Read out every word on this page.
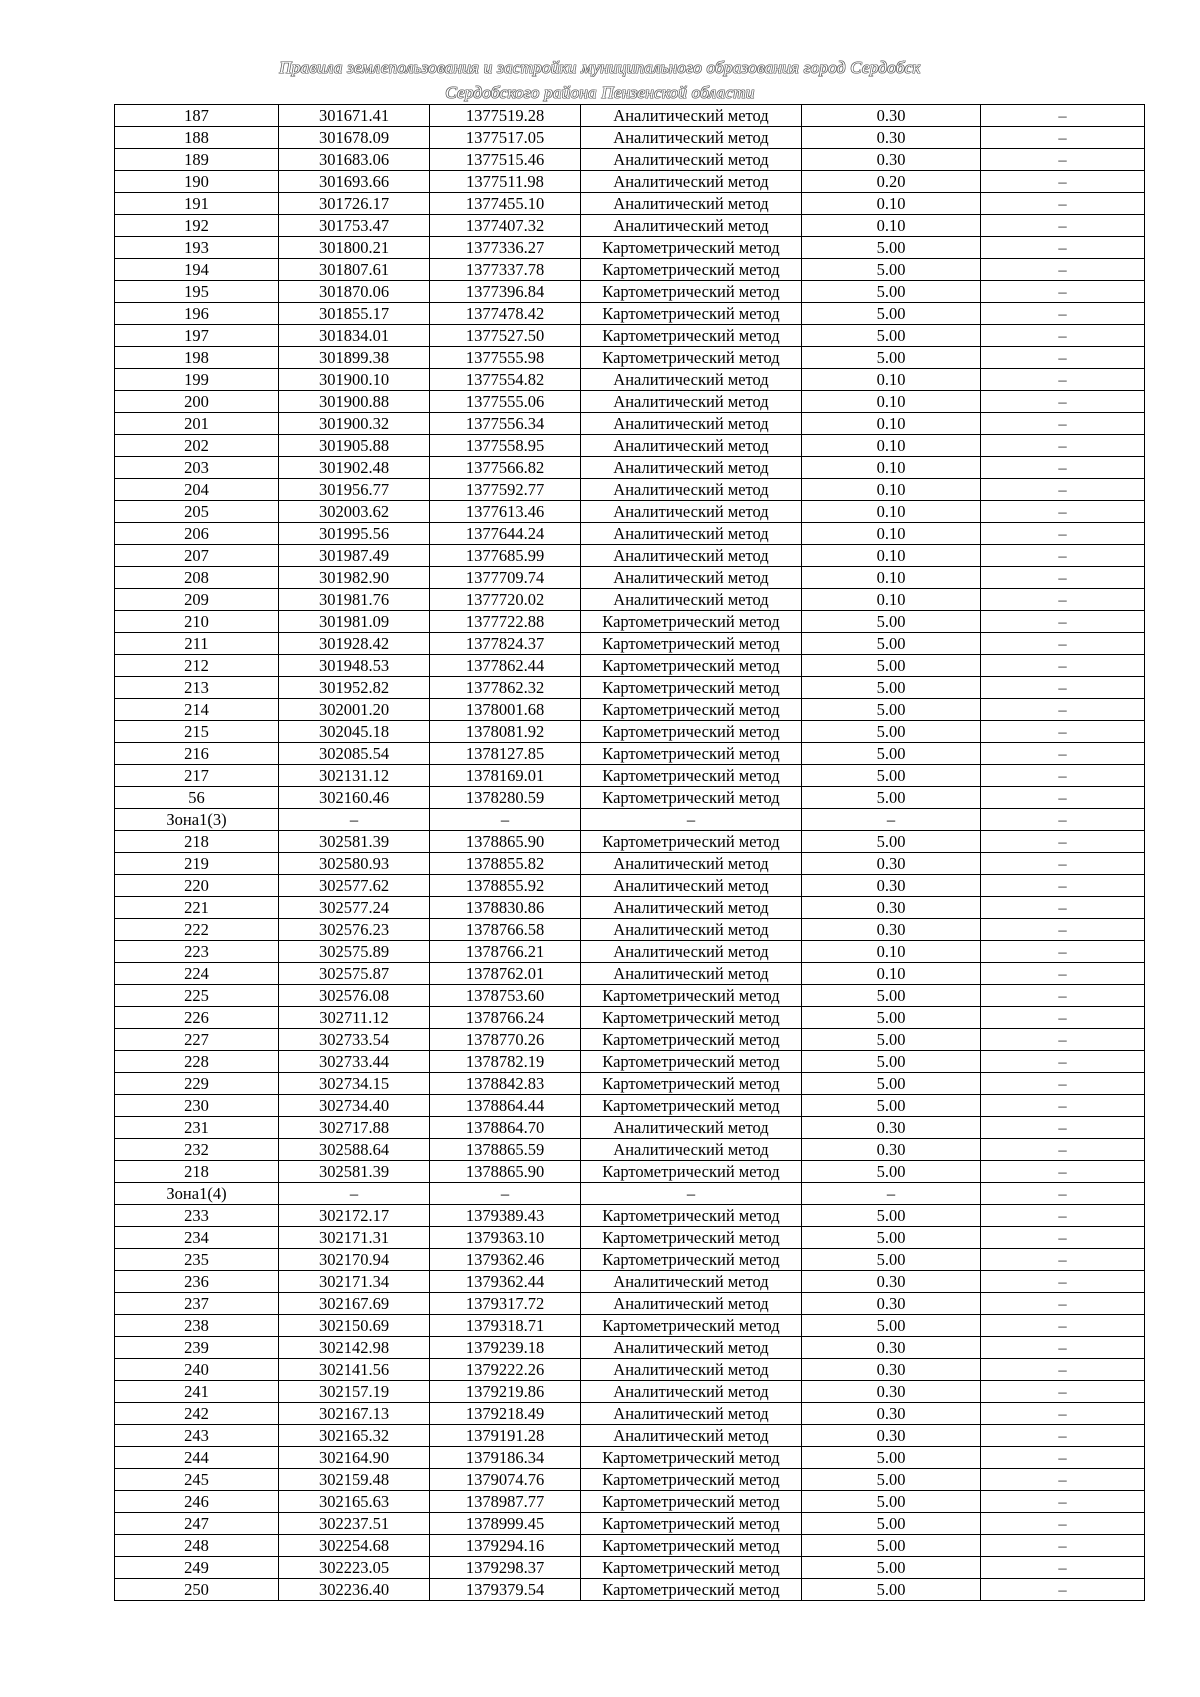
Правила землепользования и застройки муниципального образования город Сердобск
Сердобского района Пензенской области
187	301671.41	1377519.28	Аналитический метод	0.30	–
188	301678.09	1377517.05	Аналитический метод	0.30	–
189	301683.06	1377515.46	Аналитический метод	0.30	–
190	301693.66	1377511.98	Аналитический метод	0.20	–
191	301726.17	1377455.10	Аналитический метод	0.10	–
192	301753.47	1377407.32	Аналитический метод	0.10	–
193	301800.21	1377336.27	Картометрический метод	5.00	–
194	301807.61	1377337.78	Картометрический метод	5.00	–
195	301870.06	1377396.84	Картометрический метод	5.00	–
196	301855.17	1377478.42	Картометрический метод	5.00	–
197	301834.01	1377527.50	Картометрический метод	5.00	–
198	301899.38	1377555.98	Картометрический метод	5.00	–
199	301900.10	1377554.82	Аналитический метод	0.10	–
200	301900.88	1377555.06	Аналитический метод	0.10	–
201	301900.32	1377556.34	Аналитический метод	0.10	–
202	301905.88	1377558.95	Аналитический метод	0.10	–
203	301902.48	1377566.82	Аналитический метод	0.10	–
204	301956.77	1377592.77	Аналитический метод	0.10	–
205	302003.62	1377613.46	Аналитический метод	0.10	–
206	301995.56	1377644.24	Аналитический метод	0.10	–
207	301987.49	1377685.99	Аналитический метод	0.10	–
208	301982.90	1377709.74	Аналитический метод	0.10	–
209	301981.76	1377720.02	Аналитический метод	0.10	–
210	301981.09	1377722.88	Картометрический метод	5.00	–
211	301928.42	1377824.37	Картометрический метод	5.00	–
212	301948.53	1377862.44	Картометрический метод	5.00	–
213	301952.82	1377862.32	Картометрический метод	5.00	–
214	302001.20	1378001.68	Картометрический метод	5.00	–
215	302045.18	1378081.92	Картометрический метод	5.00	–
216	302085.54	1378127.85	Картометрический метод	5.00	–
217	302131.12	1378169.01	Картометрический метод	5.00	–
56	302160.46	1378280.59	Картометрический метод	5.00	–
Зона1(3)	–	–	–	–	–
218	302581.39	1378865.90	Картометрический метод	5.00	–
219	302580.93	1378855.82	Аналитический метод	0.30	–
220	302577.62	1378855.92	Аналитический метод	0.30	–
221	302577.24	1378830.86	Аналитический метод	0.30	–
222	302576.23	1378766.58	Аналитический метод	0.30	–
223	302575.89	1378766.21	Аналитический метод	0.10	–
224	302575.87	1378762.01	Аналитический метод	0.10	–
225	302576.08	1378753.60	Картометрический метод	5.00	–
226	302711.12	1378766.24	Картометрический метод	5.00	–
227	302733.54	1378770.26	Картометрический метод	5.00	–
228	302733.44	1378782.19	Картометрический метод	5.00	–
229	302734.15	1378842.83	Картометрический метод	5.00	–
230	302734.40	1378864.44	Картометрический метод	5.00	–
231	302717.88	1378864.70	Аналитический метод	0.30	–
232	302588.64	1378865.59	Аналитический метод	0.30	–
218	302581.39	1378865.90	Картометрический метод	5.00	–
Зона1(4)	–	–	–	–	–
233	302172.17	1379389.43	Картометрический метод	5.00	–
234	302171.31	1379363.10	Картометрический метод	5.00	–
235	302170.94	1379362.46	Картометрический метод	5.00	–
236	302171.34	1379362.44	Аналитический метод	0.30	–
237	302167.69	1379317.72	Аналитический метод	0.30	–
238	302150.69	1379318.71	Картометрический метод	5.00	–
239	302142.98	1379239.18	Аналитический метод	0.30	–
240	302141.56	1379222.26	Аналитический метод	0.30	–
241	302157.19	1379219.86	Аналитический метод	0.30	–
242	302167.13	1379218.49	Аналитический метод	0.30	–
243	302165.32	1379191.28	Аналитический метод	0.30	–
244	302164.90	1379186.34	Картометрический метод	5.00	–
245	302159.48	1379074.76	Картометрический метод	5.00	–
246	302165.63	1378987.77	Картометрический метод	5.00	–
247	302237.51	1378999.45	Картометрический метод	5.00	–
248	302254.68	1379294.16	Картометрический метод	5.00	–
249	302223.05	1379298.37	Картометрический метод	5.00	–
250	302236.40	1379379.54	Картометрический метод	5.00	–
